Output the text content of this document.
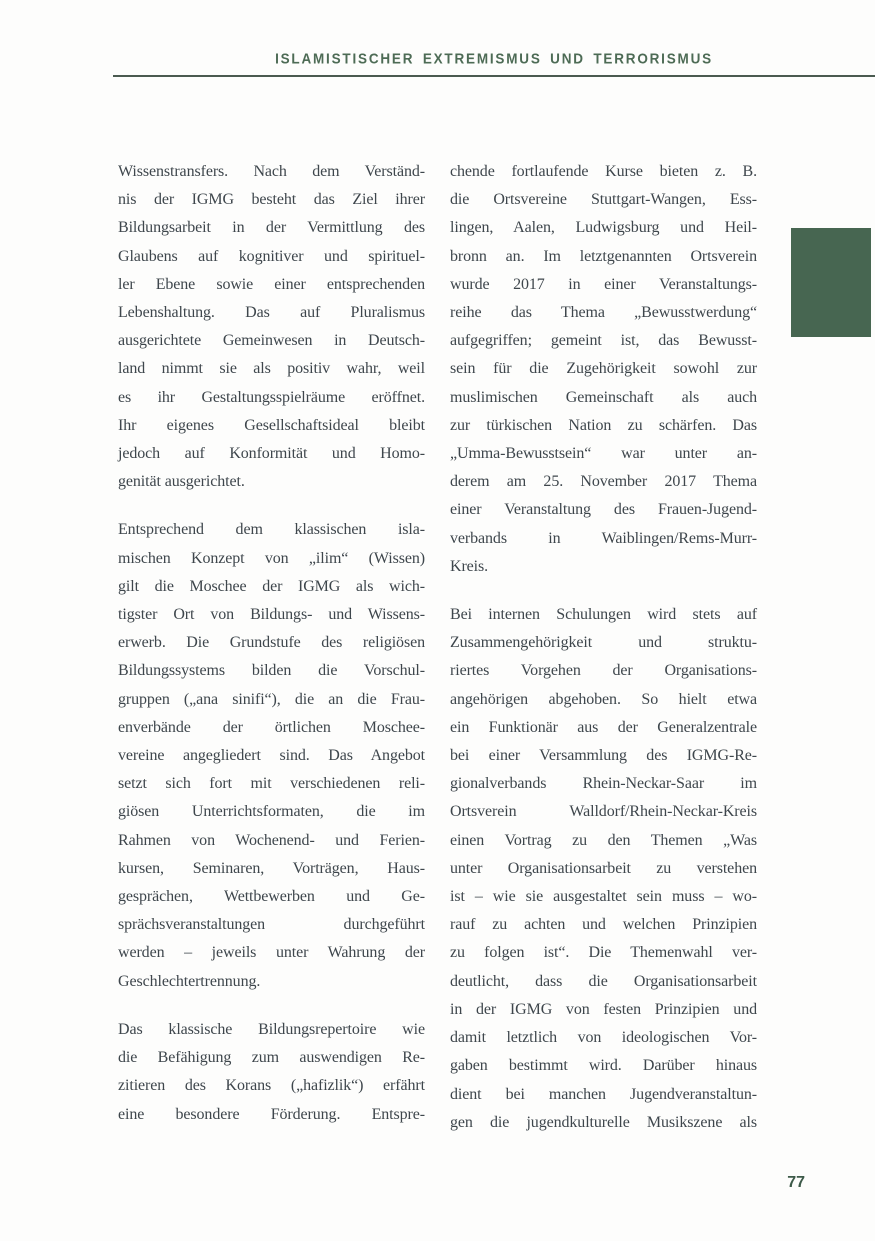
ISLAMISTISCHER EXTREMISMUS UND TERRORISMUS
Wissenstransfers. Nach dem Verständ-
nis der IGMG besteht das Ziel ihrer
Bildungsarbeit in der Vermittlung des
Glaubens auf kognitiver und spirituel-
ler Ebene sowie einer entsprechenden
Lebenshaltung. Das auf Pluralismus
ausgerichtete Gemeinwesen in Deutsch-
land nimmt sie als positiv wahr, weil
es ihr Gestaltungsspielräume eröffnet.
Ihr eigenes Gesellschaftsideal bleibt
jedoch auf Konformität und Homo-
genität ausgerichtet.
Entsprechend dem klassischen isla-
mischen Konzept von „ilim“ (Wissen)
gilt die Moschee der IGMG als wich-
tigster Ort von Bildungs- und Wissens-
erwerb. Die Grundstufe des religiösen
Bildungssystems bilden die Vorschul-
gruppen („ana sinifi“), die an die Frau-
enverbände der örtlichen Moschee-
vereine angegliedert sind. Das Angebot
setzt sich fort mit verschiedenen reli-
giösen Unterrichtsformaten, die im
Rahmen von Wochenend- und Ferien-
kursen, Seminaren, Vorträgen, Haus-
gesprächen, Wettbewerben und Ge-
sprächsveranstaltungen durchgeführt
werden – jeweils unter Wahrung der
Geschlechtertrennung.
Das klassische Bildungsrepertoire wie
die Befähigung zum auswendigen Re-
zitieren des Korans („hafizlik“) erfährt
eine besondere Förderung. Entspre-
chende fortlaufende Kurse bieten z. B.
die Ortsvereine Stuttgart-Wangen, Ess-
lingen, Aalen, Ludwigsburg und Heil-
bronn an. Im letztgenannten Ortsverein
wurde 2017 in einer Veranstaltungs-
reihe das Thema „Bewusstwerdung“
aufgegriffen; gemeint ist, das Bewusst-
sein für die Zugehörigkeit sowohl zur
muslimischen Gemeinschaft als auch
zur türkischen Nation zu schärfen. Das
„Umma-Bewusstsein“ war unter an-
derem am 25. November 2017 Thema
einer Veranstaltung des Frauen-Jugend-
verbands in Waiblingen/Rems-Murr-
Kreis.
Bei internen Schulungen wird stets auf
Zusammengehörigkeit und struktu-
riertes Vorgehen der Organisations-
angehörigen abgehoben. So hielt etwa
ein Funktionär aus der Generalzentrale
bei einer Versammlung des IGMG-Re-
gionalverbands Rhein-Neckar-Saar im
Ortsverein Walldorf/Rhein-Neckar-Kreis
einen Vortrag zu den Themen „Was
unter Organisationsarbeit zu verstehen
ist – wie sie ausgestaltet sein muss – wo-
rauf zu achten und welchen Prinzipien
zu folgen ist“. Die Themenwahl ver-
deutlicht, dass die Organisationsarbeit
in der IGMG von festen Prinzipien und
damit letztlich von ideologischen Vor-
gaben bestimmt wird. Darüber hinaus
dient bei manchen Jugendveranstaltun-
gen die jugendkulturelle Musikszene als
77
